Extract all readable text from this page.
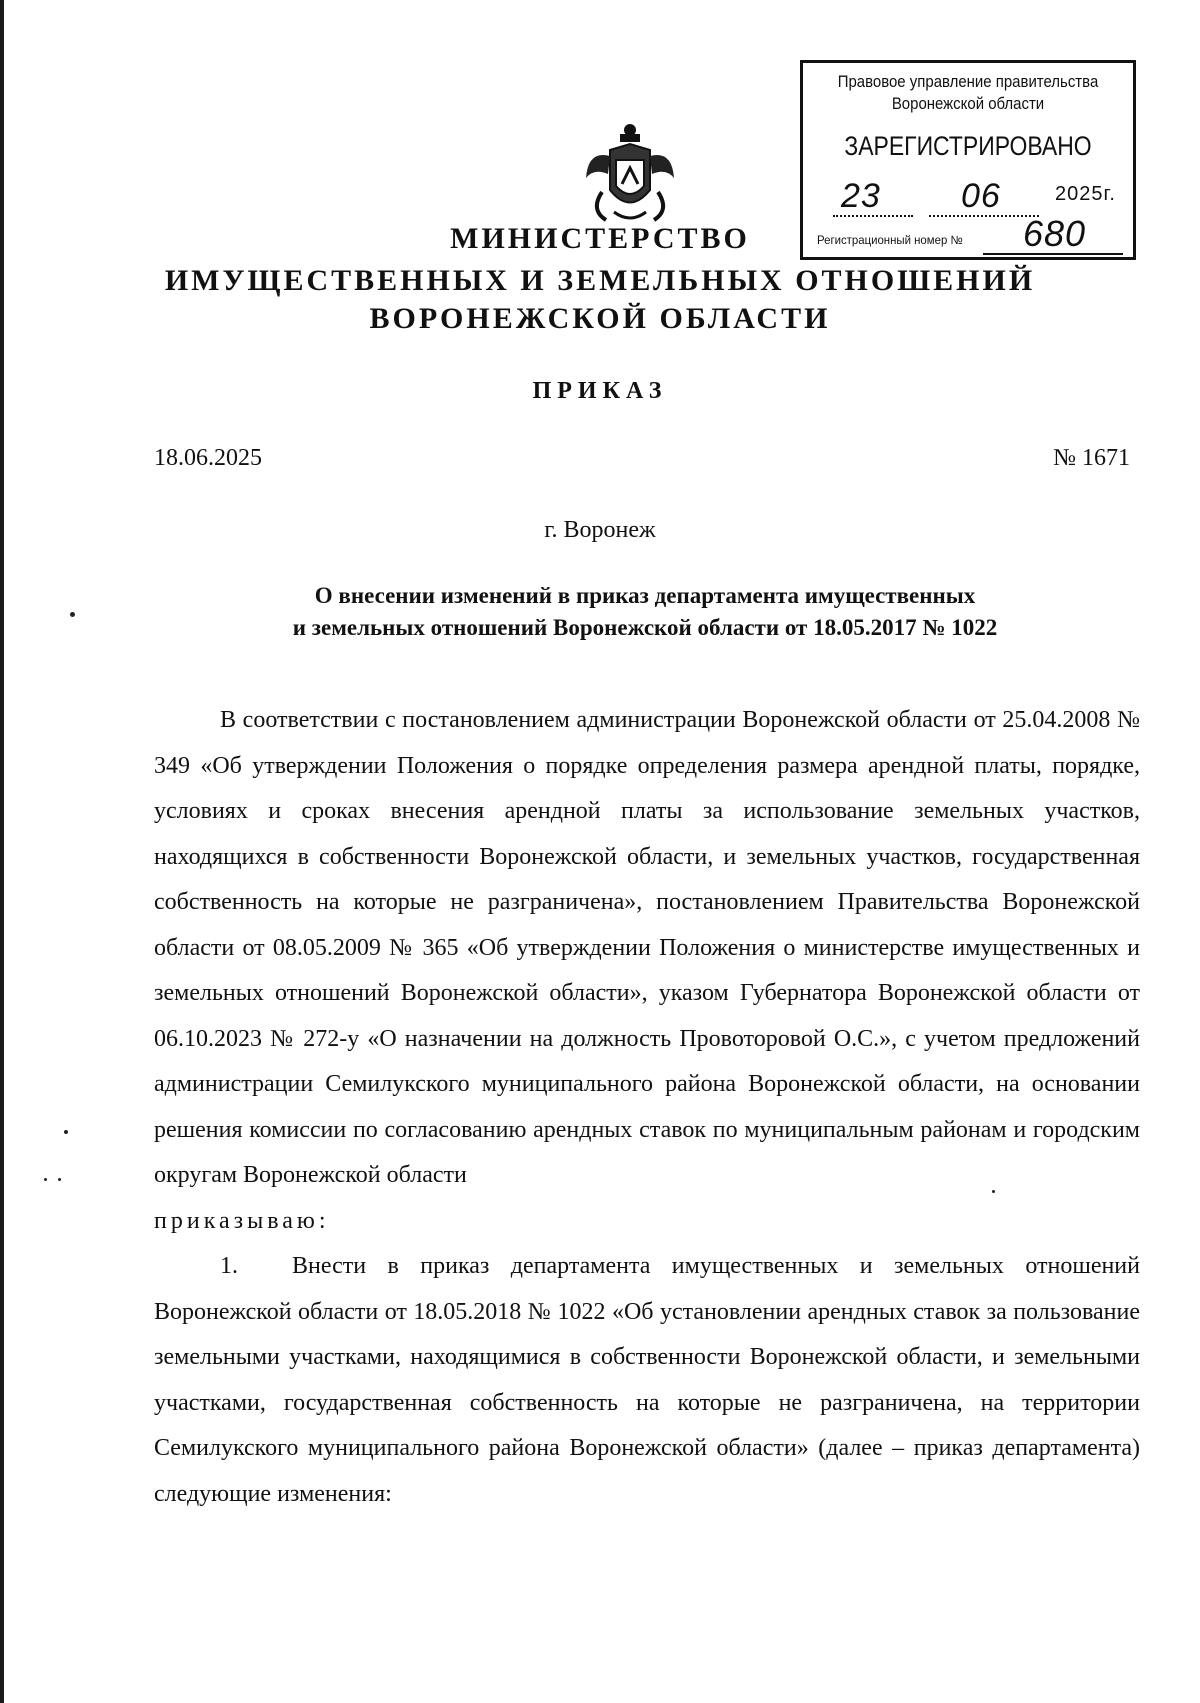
Правовое управление правительства
Воронежской области
ЗАРЕГИСТРИРОВАНО
23 06	2025г.
Регистрационный номер № 680
МИНИСТЕРСТВО
ИМУЩЕСТВЕННЫХ И ЗЕМЕЛЬНЫХ ОТНОШЕНИЙ
ВОРОНЕЖСКОЙ ОБЛАСТИ
ПРИКАЗ
18.06.2025	№ 1671
г. Воронеж
О внесении изменений в приказ департамента имущественных
и земельных отношений Воронежской области от 18.05.2017 № 1022

В соответствии с постановлением администрации Воронежской области от 25.04.2008 № 349 «Об утверждении Положения о порядке определения размера арендной платы, порядке, условиях и сроках внесения арендной платы за использование земельных участков, находящихся в собственности Воронежской области, и земельных участков, государственная собственность на которые не разграничена», постановлением Правительства Воронежской области от 08.05.2009 № 365 «Об утверждении Положения о министерстве имущественных и земельных отношений Воронежской области», указом Губернатора Воронежской области от 06.10.2023 № 272-у «О назначении на должность Провоторовой О.С.», с учетом предложений администрации Семилукского муниципального района Воронежской области, на основании решения комиссии по согласованию арендных ставок по муниципальным районам и городским округам Воронежской области

приказываю:

1. Внести в приказ департамента имущественных и земельных отношений Воронежской области от 18.05.2018 № 1022 «Об установлении арендных ставок за пользование земельными участками, находящимися в собственности Воронежской области, и земельными участками, государственная собственность на которые не разграничена, на территории Семилукского муниципального района Воронежской области» (далее – приказ департамента) следующие изменения:
